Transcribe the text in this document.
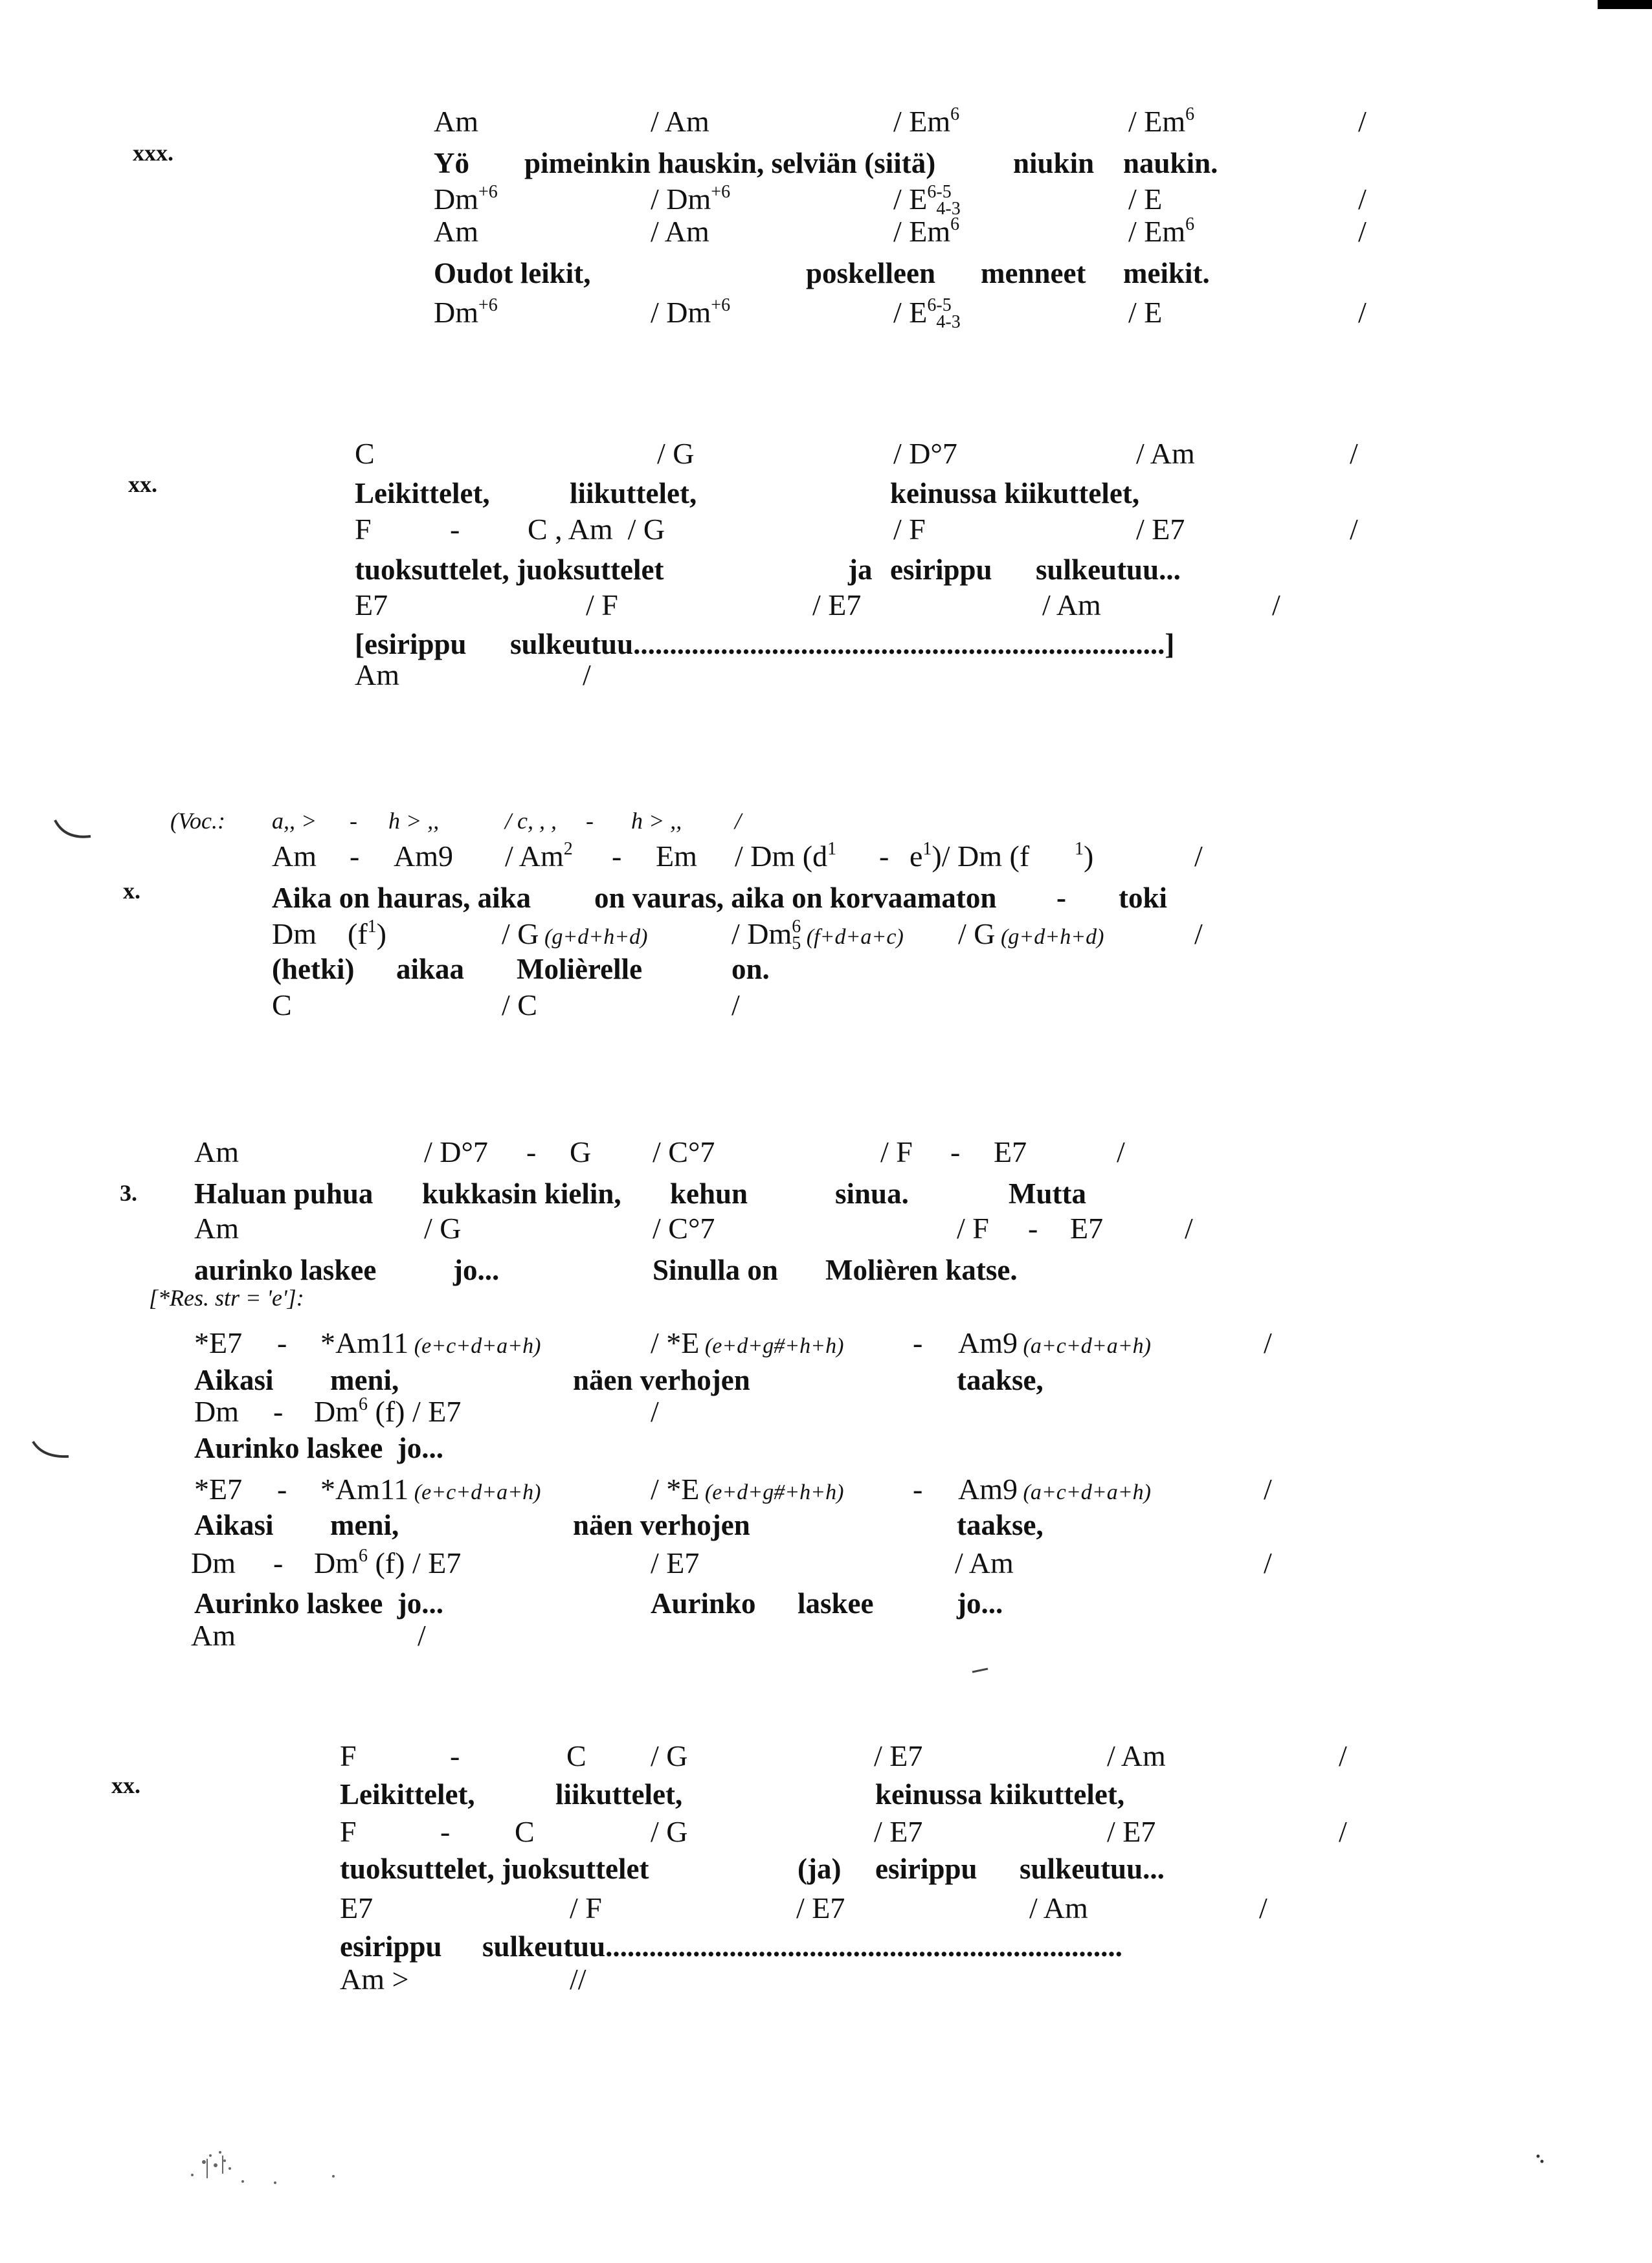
xxx.
Am	/ Am	/ Em$^6$	/ Em$^6$	/
Yö pimeinkin hauskin, selviän (siitä)	niukin naukin.
$Dm^{+6}$	/ $Dm^{+6}$	/ $E^{6-5}$
4-3	/ E	/
Am	/ Am	/ Em$^6$	/ Em$^6$	/
Oudot leikit,	poskelleen menneet meikit.
$Dm^{+6}$	/ $Dm^{+6}$	/ $E^{6-5}$
4-3	/ E	/
xx.
C	/ G	/ D°7	/ Am	/
Leikittelet,	liikuttelet,	keinussa kiikuttelet,
F	- C , Am  / G	/ F	/ E7	/
tuoksuttelet, juoksuttelet	ja esirippu sulkeutuu...
E7	/ F	/ E7	/ Am	/
[esirippu sulkeutuu.........................................................................]
Am	/
x.
(Voc.: a,, > - h > ,,	/ c, , , - h > ,, /
Am - Am9 / Am$^2$ - Em / Dm $(d^1 - e^1)/$ Dm (f $^1$)	/
Aika on hauras, aika on vauras, aika on korvaamaton - toki
Dm $(f^1)$	/ G (g+d+h+d)	/ Dm$^6$
5 (f+d+a+c) / G (g+d+h+d)	/
(hetki) aikaa Molièrelle	on.
C	/ C	/
3.
Am	/ D°7 - G / C°7	/ F - E7	/
Haluan puhua kukkasin kielin, kehun	sinua.	Mutta
Am	/ G	/ C°7	/ F - E7	/
aurinko laskee	jo...	Sinulla on Molièren katse.
[*Res. str = 'e']:
*E7 - *Am11 (e+c+d+a+h)	/ *E (e+d+g#+h+h) - Am9 (a+c+d+a+h)	/
Aikasi meni,	näen verhojen	taakse,
Dm - Dm$^6$ (f) / E7	/
Aurinko laskee  jo...
*E7 - *Am11 (e+c+d+a+h)	/ *E (e+d+g#+h+h) - Am9 (a+c+d+a+h)	/
Aikasi meni,	näen verhojen	taakse,
Dm - Dm$^6$ (f) / E7	/ E7	/ Am	/
Aurinko laskee  jo...	Aurinko laskee	jo...
Am	/
xx.
F	-	C / G	/ E7	/ Am	/
Leikittelet,	liikuttelet,	keinussa kiikuttelet,
F	- C	/ G	/ E7	/ E7	/
tuoksuttelet, juoksuttelet	(ja) esirippu sulkeutuu...
E7	/ F	/ E7	/ Am	/
esirippu sulkeutuu.......................................................................
Am >	//
